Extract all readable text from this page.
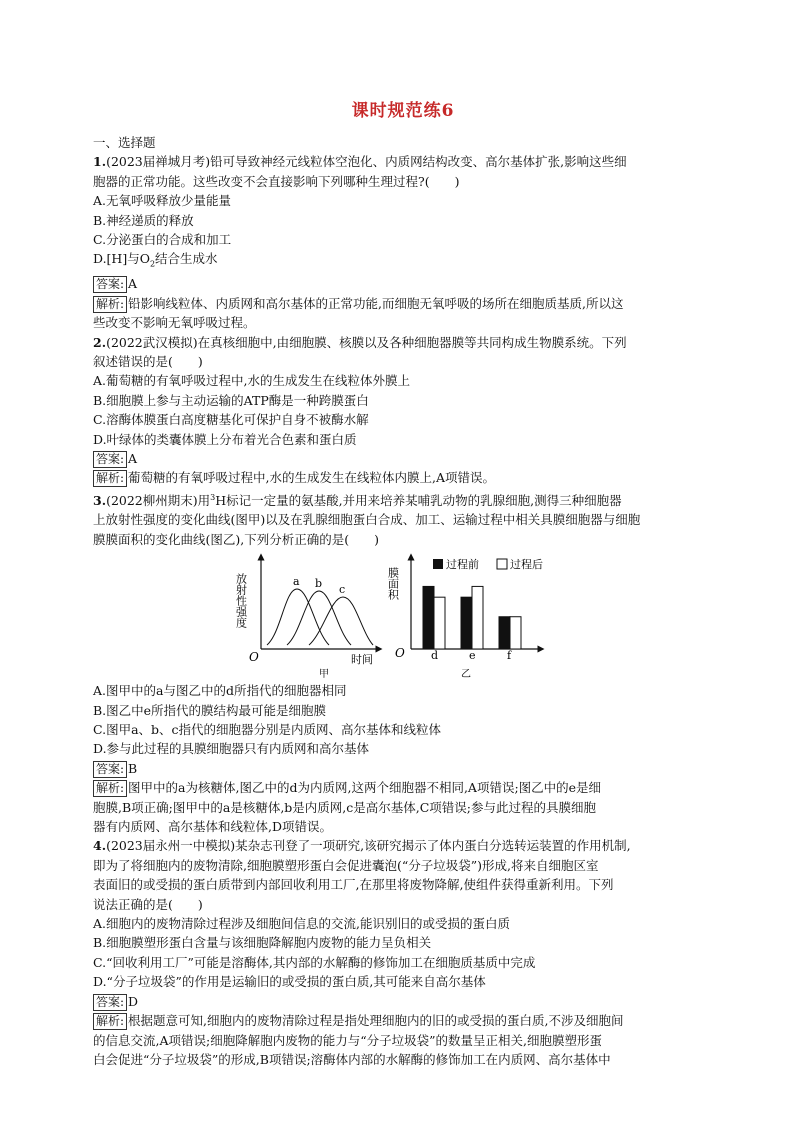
课时规范练6
一、选择题
1.(2023届禅城月考)铅可导致神经元线粒体空泡化、内质网结构改变、高尔基体扩张,影响这些细
胞器的正常功能。这些改变不会直接影响下列哪种生理过程?(　　)
A.无氧呼吸释放少量能量
B.神经递质的释放
C.分泌蛋白的合成和加工
D.[H]与$O_2$结合生成水
答案: A
解析: 铅影响线粒体、内质网和高尔基体的正常功能,而细胞无氧呼吸的场所在细胞质基质,所以这
些改变不影响无氧呼吸过程。
2.(2022武汉模拟)在真核细胞中,由细胞膜、核膜以及各种细胞器膜等共同构成生物膜系统。下列
叙述错误的是(　　)
A.葡萄糖的有氧呼吸过程中,水的生成发生在线粒体外膜上
B.细胞膜上参与主动运输的ATP酶是一种跨膜蛋白
C.溶酶体膜蛋白高度糖基化可保护自身不被酶水解
D.叶绿体的类囊体膜上分布着光合色素和蛋白质
答案: A
解析: 葡萄糖的有氧呼吸过程中,水的生成发生在线粒体内膜上,A项错误。
3.(2022柳州期末)用$^3$H标记一定量的氨基酸,并用来培养某哺乳动物的乳腺细胞,测得三种细胞器
上放射性强度的变化曲线(图甲)以及在乳腺细胞蛋白合成、加工、运输过程中相关具膜细胞器与细胞
膜膜面积的变化曲线(图乙),下列分析正确的是(　　)
放射性强度
O	时间
a b c
甲
膜面积
O
过程前	过程后
d	e	f
乙
A.图甲中的a与图乙中的d所指代的细胞器相同
B.图乙中e所指代的膜结构最可能是细胞膜
C.图甲a、b、c指代的细胞器分别是内质网、高尔基体和线粒体
D.参与此过程的具膜细胞器只有内质网和高尔基体
答案: B
解析: 图甲中的a为核糖体,图乙中的d为内质网,这两个细胞器不相同,A项错误;图乙中的e是细
胞膜,B项正确;图甲中的a是核糖体,b是内质网,c是高尔基体,C项错误;参与此过程的具膜细胞
器有内质网、高尔基体和线粒体,D项错误。
4.(2023届永州一中模拟)某杂志刊登了一项研究,该研究揭示了体内蛋白分选转运装置的作用机制,
即为了将细胞内的废物清除,细胞膜塑形蛋白会促进囊泡(“分子垃圾袋”)形成,将来自细胞区室
表面旧的或受损的蛋白质带到内部回收利用工厂,在那里将废物降解,使组件获得重新利用。下列
说法正确的是(　　)
A.细胞内的废物清除过程涉及细胞间信息的交流,能识别旧的或受损的蛋白质
B.细胞膜塑形蛋白含量与该细胞降解胞内废物的能力呈负相关
C.“回收利用工厂”可能是溶酶体,其内部的水解酶的修饰加工在细胞质基质中完成
D.“分子垃圾袋”的作用是运输旧的或受损的蛋白质,其可能来自高尔基体
答案: D
解析: 根据题意可知,细胞内的废物清除过程是指处理细胞内的旧的或受损的蛋白质,不涉及细胞间
的信息交流,A项错误;细胞降解胞内废物的能力与“分子垃圾袋”的数量呈正相关,细胞膜塑形蛋
白会促进“分子垃圾袋”的形成,B项错误;溶酶体内部的水解酶的修饰加工在内质网、高尔基体中
